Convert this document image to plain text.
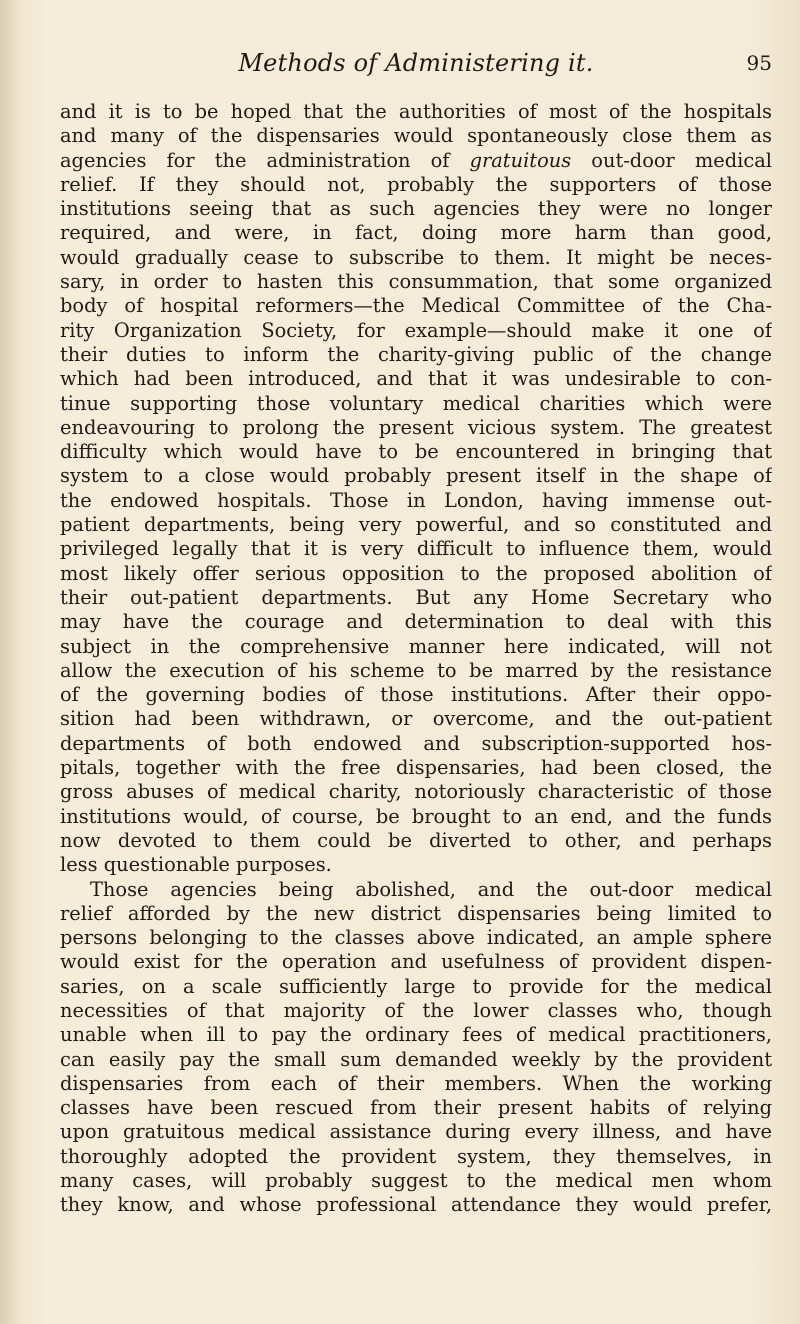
Methods of Administering it.	95
and it is to be hoped that the authorities of most of the hospitals
and many of the dispensaries would spontaneously close them as
agencies for the administration of gratuitous out-door medical
relief. If they should not, probably the supporters of those
institutions seeing that as such agencies they were no longer
required, and were, in fact, doing more harm than good,
would gradually cease to subscribe to them. It might be neces-
sary, in order to hasten this consummation, that some organized
body of hospital reformers—the Medical Committee of the Cha-
rity Organization Society, for example—should make it one of
their duties to inform the charity-giving public of the change
which had been introduced, and that it was undesirable to con-
tinue supporting those voluntary medical charities which were
endeavouring to prolong the present vicious system. The greatest
difficulty which would have to be encountered in bringing that
system to a close would probably present itself in the shape of
the endowed hospitals. Those in London, having immense out-
patient departments, being very powerful, and so constituted and
privileged legally that it is very difficult to influence them, would
most likely offer serious opposition to the proposed abolition of
their out-patient departments. But any Home Secretary who
may have the courage and determination to deal with this
subject in the comprehensive manner here indicated, will not
allow the execution of his scheme to be marred by the resistance
of the governing bodies of those institutions. After their oppo-
sition had been withdrawn, or overcome, and the out-patient
departments of both endowed and subscription-supported hos-
pitals, together with the free dispensaries, had been closed, the
gross abuses of medical charity, notoriously characteristic of those
institutions would, of course, be brought to an end, and the funds
now devoted to them could be diverted to other, and perhaps
less questionable purposes.
Those agencies being abolished, and the out-door medical
relief afforded by the new district dispensaries being limited to
persons belonging to the classes above indicated, an ample sphere
would exist for the operation and usefulness of provident dispen-
saries, on a scale sufficiently large to provide for the medical
necessities of that majority of the lower classes who, though
unable when ill to pay the ordinary fees of medical practitioners,
can easily pay the small sum demanded weekly by the provident
dispensaries from each of their members. When the working
classes have been rescued from their present habits of relying
upon gratuitous medical assistance during every illness, and have
thoroughly adopted the provident system, they themselves, in
many cases, will probably suggest to the medical men whom
they know, and whose professional attendance they would prefer,
